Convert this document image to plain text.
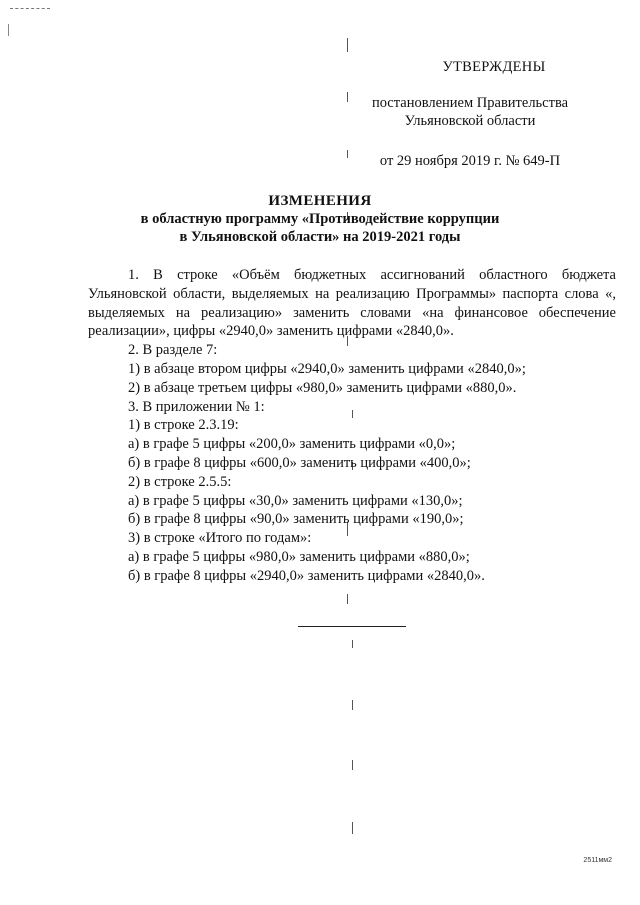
УТВЕРЖДЕНЫ
постановлением Правительства
Ульяновской области
от 29 ноября 2019 г. № 649-П
ИЗМЕНЕНИЯ
в областную программу «Противодействие коррупции
в Ульяновской области» на 2019-2021 годы

1. В строке «Объём бюджетных ассигнований областного бюджета Ульяновской области, выделяемых на реализацию Программы» паспорта слова «, выделяемых на реализацию» заменить словами «на финансовое обеспечение реализации», цифры «2940,0» заменить цифрами «2840,0».

2. В разделе 7:
1) в абзаце втором цифры «2940,0» заменить цифрами «2840,0»;
2) в абзаце третьем цифры «980,0» заменить цифрами «880,0».
3. В приложении № 1:
1) в строке 2.3.19:
а) в графе 5 цифры «200,0» заменить цифрами «0,0»;
б) в графе 8 цифры «600,0» заменить цифрами «400,0»;
2) в строке 2.5.5:
а) в графе 5 цифры «30,0» заменить цифрами «130,0»;
б) в графе 8 цифры «90,0» заменить цифрами «190,0»;
3) в строке «Итого по годам»:
а) в графе 5 цифры «980,0» заменить цифрами «880,0»;
б) в графе 8 цифры «2940,0» заменить цифрами «2840,0».
2511мм2
